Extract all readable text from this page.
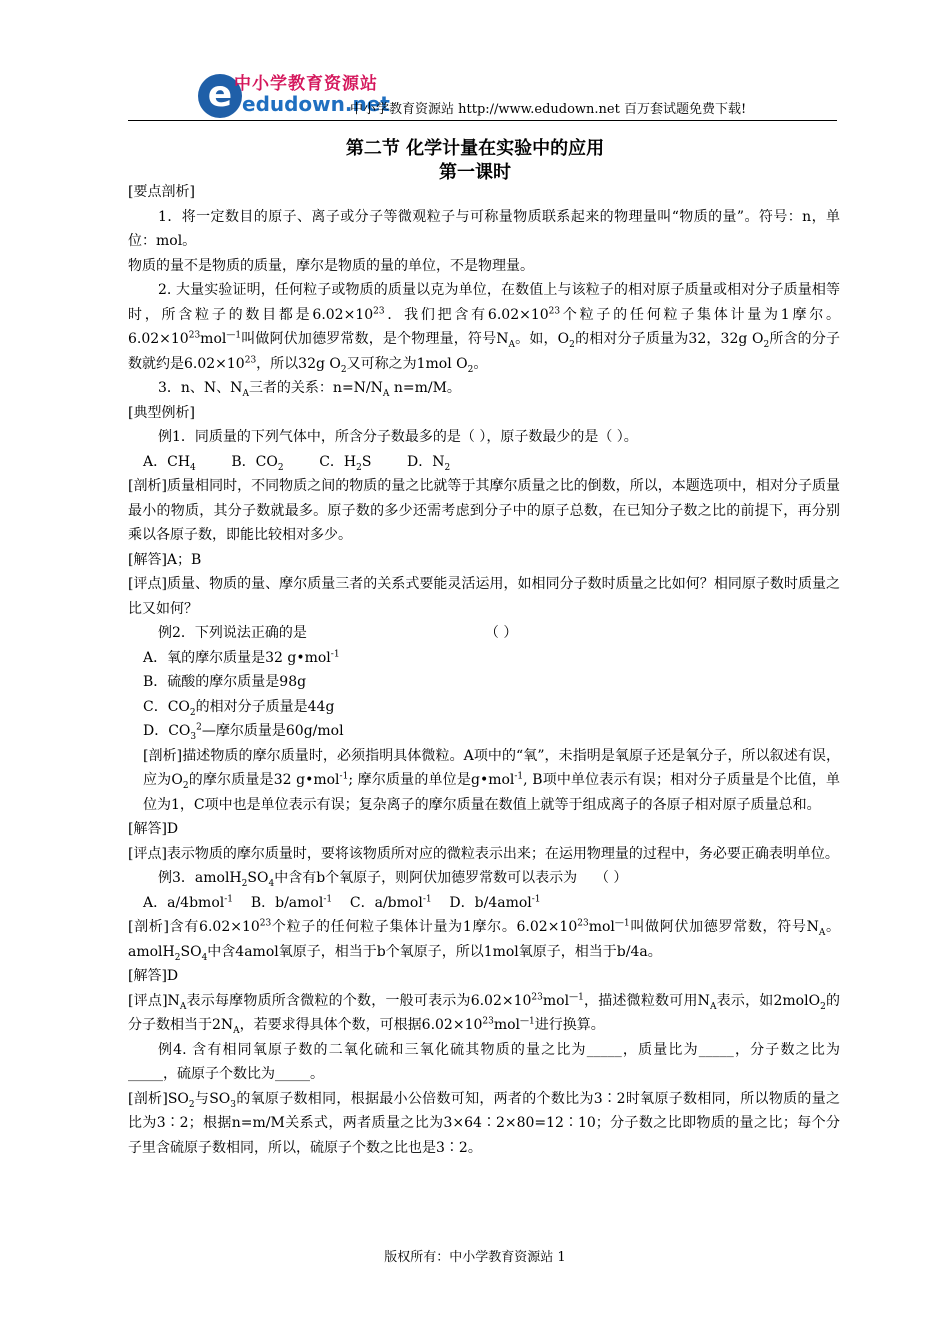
e 中小学教育资源站
edudown.net
中小学教育资源站 http://www.edudown.net 百万套试题免费下载!
第二节 化学计量在实验中的应用
第一课时

[要点剖析]

1．将一定数目的原子、离子或分子等微观粒子与可称量物质联系起来的物理量叫“物质的量”。符号：n，单位：mol。

物质的量不是物质的质量，摩尔是物质的量的单位，不是物理量。

2. 大量实验证明，任何粒子或物质的质量以克为单位，在数值上与该粒子的相对原子质量或相对分子质量相等时，所含粒子的数目都是$6.02\times 10^{23}$．我们把含有$6.02\times 10^{23}$个粒子的任何粒子集体计量为1摩尔。$6.02\times 10^{23}mol^{—1}$叫做阿伏加德罗常数，是个物理量，符号$N_A$。如，$O_2$的相对分子质量为32，32g $O_2$所含的分子数就约是$6.02\times 10^{23}$，所以32g $O_2$又可称之为1mol $O_2$。

3．n、N、$N_A$三者的关系：$n=N/N_A$ n=m/M。

[典型例析]

例1．同质量的下列气体中，所含分子数最多的是（ ），原子数最少的是（ ）。

A．$CH_4$        B．$CO_2$        C．$H_2S$        D．$N_2$

[剖析]质量相同时，不同物质之间的物质的量之比就等于其摩尔质量之比的倒数，所以，本题选项中，相对分子质量最小的物质，其分子数就最多。原子数的多少还需考虑到分子中的原子总数，在已知分子数之比的前提下，再分别乘以各原子数，即能比较相对多少。

[解答]A；B

[评点]质量、物质的量、摩尔质量三者的关系式要能灵活运用，如相同分子数时质量之比如何？相同原子数时质量之比又如何？

例2．下列说法正确的是                                        （ ）

A．氧的摩尔质量是32 g•mol$^{-1}$

B．硫酸的摩尔质量是98g

C．$CO_2$的相对分子质量是44g

D．$CO_3^2—$摩尔质量是60g/mol

[剖析]描述物质的摩尔质量时，必须指明具体微粒。A项中的“氧”，未指明是氧原子还是氧分子，所以叙述有误，应为$O_2$的摩尔质量是32 g•mol$^{-1}$; 摩尔质量的单位是g•mol$^{-1}$, B项中单位表示有误；相对分子质量是个比值，单位为1，C项中也是单位表示有误；复杂离子的摩尔质量在数值上就等于组成离子的各原子相对原子质量总和。

[解答]D

[评点]表示物质的摩尔质量时，要将该物质所对应的微粒表示出来；在运用物理量的过程中，务必要正确表明单位。

例3．$amolH_2SO_4$中含有b个氧原子，则阿伏加德罗常数可以表示为    （ ）

A．a/4bmol$^{-1}$    B．b/amol$^{-1}$    C．a/bmol$^{-1}$    D．b/4amol$^{-1}$

[剖析]含有$6.02\times 10^{23}$个粒子的任何粒子集体计量为1摩尔。$6.02\times 10^{23}mol^{—1}$叫做阿伏加德罗常数，符号$N_A$。$amolH_2SO_4$中含4amol氧原子，相当于b个氧原子，所以1mol氧原子，相当于b/4a。

[解答]D

[评点]$N_A$表示每摩物质所含微粒的个数，一般可表示为$6.02\times 10^{23}mol^{—1}$，描述微粒数可用$N_A$表示，如2molO$_2$的分子数相当于$2N_A$，若要求得具体个数，可根据$6.02\times 10^{23}mol^{—1}$进行换算。

例4. 含有相同氧原子数的二氧化硫和三氧化硫其物质的量之比为_____，质量比为_____，分子数之比为_____，硫原子个数比为_____。

[剖析]$SO_2$与$SO_3$的氧原子数相同，根据最小公倍数可知，两者的个数比为3∶2时氧原子数相同，所以物质的量之比为3∶2；根据n=m/M关系式，两者质量之比为3×64∶2×80=12∶10；分子数之比即物质的量之比；每个分子里含硫原子数相同，所以，硫原子个数之比也是3∶2。

版权所有：中小学教育资源站 1
